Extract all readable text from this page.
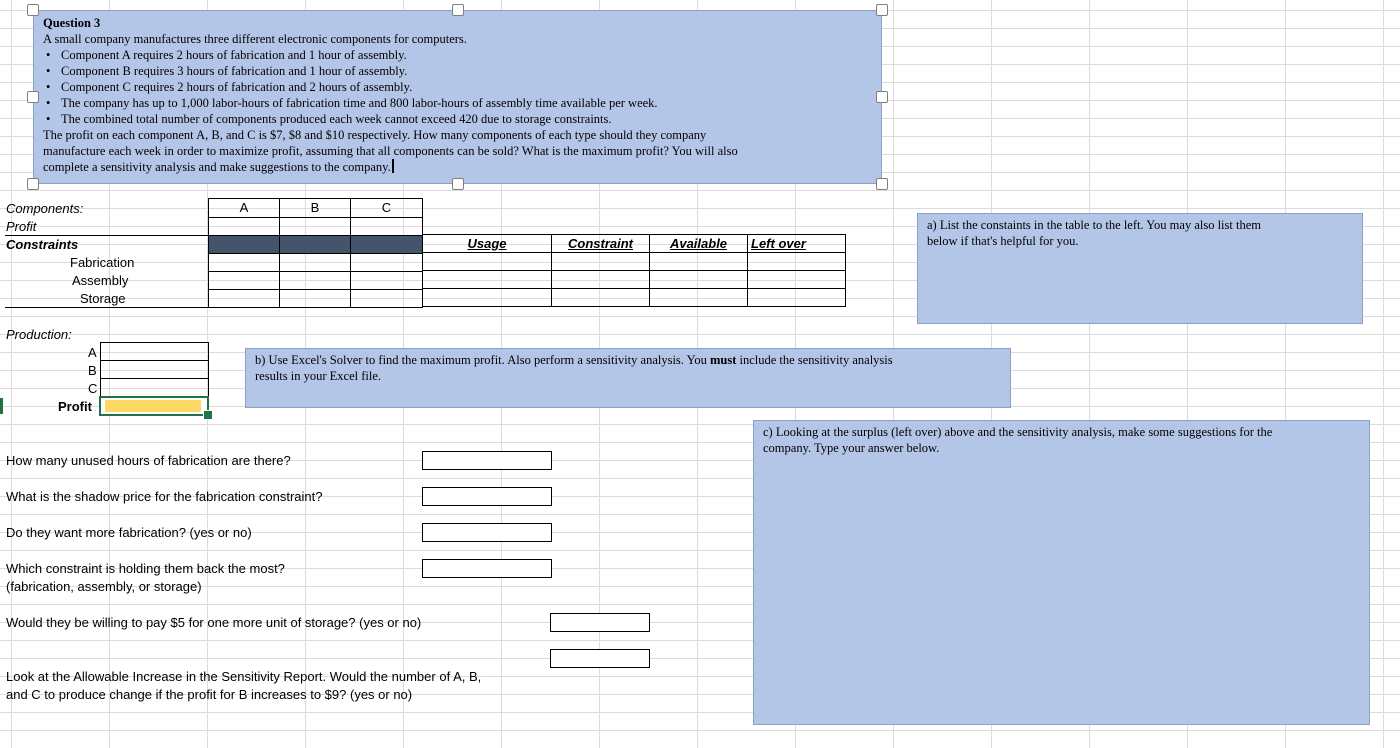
Question 3
A small company manufactures three different electronic components for computers.
• Component A requires 2 hours of fabrication and 1 hour of assembly.
• Component B requires 3 hours of fabrication and 1 hour of assembly.
• Component C requires 2 hours of fabrication and 2 hours of assembly.
• The company has up to 1,000 labor-hours of fabrication time and 800 labor-hours of assembly time available per week.
• The combined total number of components produced each week cannot exceed 420 due to storage constraints.
The profit on each component A, B, and C is $7, $8 and $10 respectively. How many components of each type should they company
manufacture each week in order to maximize profit, assuming that all components can be sold? What is the maximum profit? You will also
complete a sensitivity analysis and make suggestions to the company.
Components:
Profit
Constraints
Fabrication
Assembly
Storage
A	B	C

Usage	Constraint	Available	Left over

a) List the constaints in the table to the left. You may also list them
below if that's helpful for you.
Production:
A
B
C
Profit

b) Use Excel's Solver to find the maximum profit. Also perform a sensitivity analysis. You must include the sensitivity analysis
results in your Excel file.
c) Looking at the surplus (left over) above and the sensitivity analysis, make some suggestions for the
company. Type your answer below.
How many unused hours of fabrication are there?
What is the shadow price for the fabrication constraint?
Do they want more fabrication? (yes or no)
Which constraint is holding them back the most?
(fabrication, assembly, or storage)
Would they be willing to pay $5 for one more unit of storage? (yes or no)
Look at the Allowable Increase in the Sensitivity Report. Would the number of A, B,
and C to produce change if the profit for B increases to $9? (yes or no)
